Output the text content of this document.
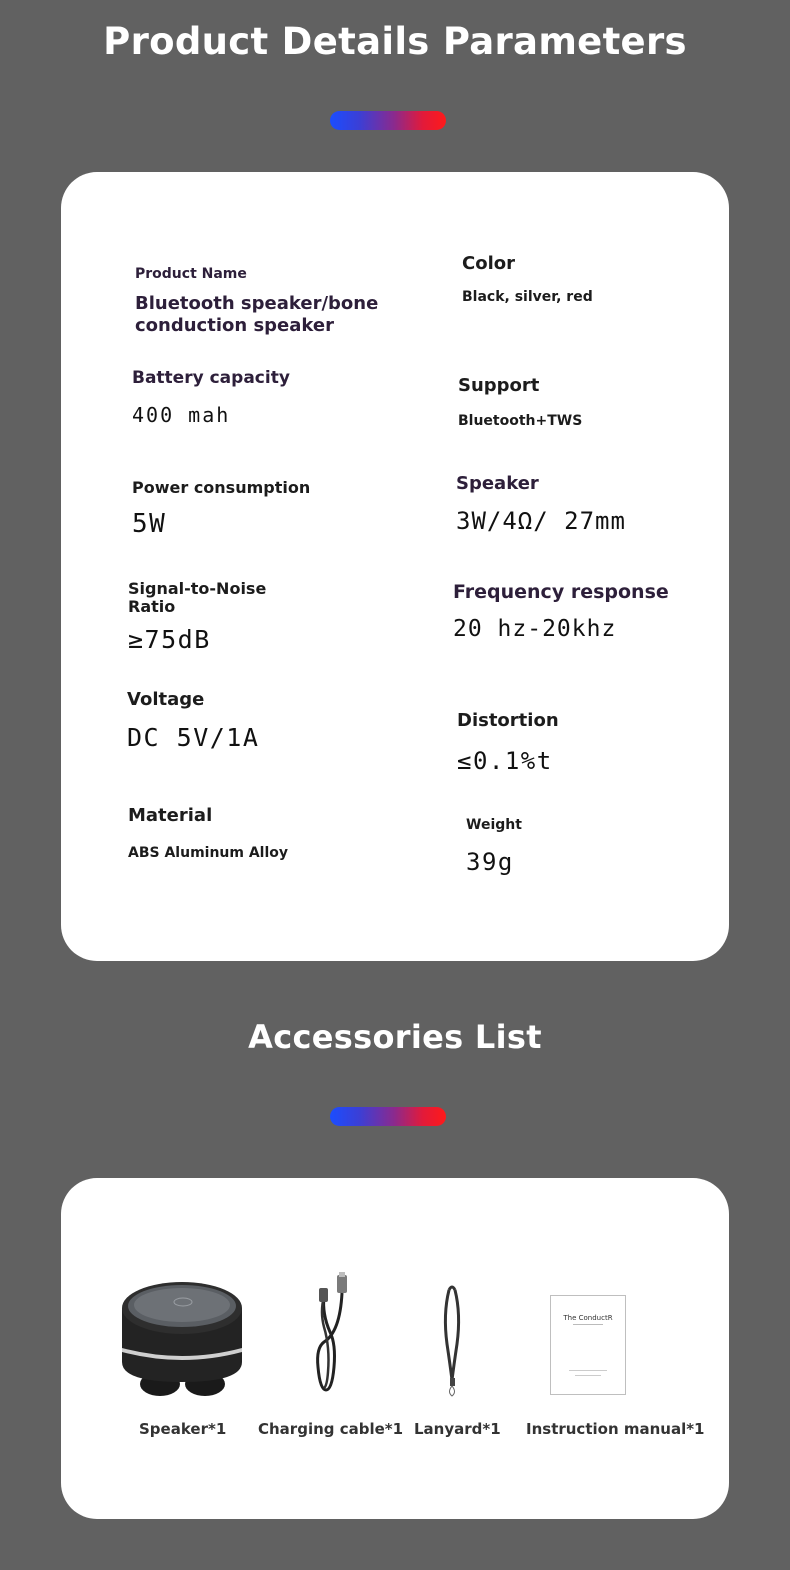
Product Details Parameters
Product Name
Bluetooth speaker/bone conduction speaker
Battery capacity
400 mah
Power consumption
5W
Signal-to-Noise Ratio
≥75dB
Voltage
DC 5V/1A
Material
ABS Aluminum Alloy
Color
Black, silver, red
Support
Bluetooth+TWS
Speaker
3W/4Ω/ 27mm
Frequency response
20 hz-20khz
Distortion
≤0.1%t
Weight
39g
Accessories List
The ConductR
Speaker*1 Charging cable*1 Lanyard*1 Instruction manual*1
